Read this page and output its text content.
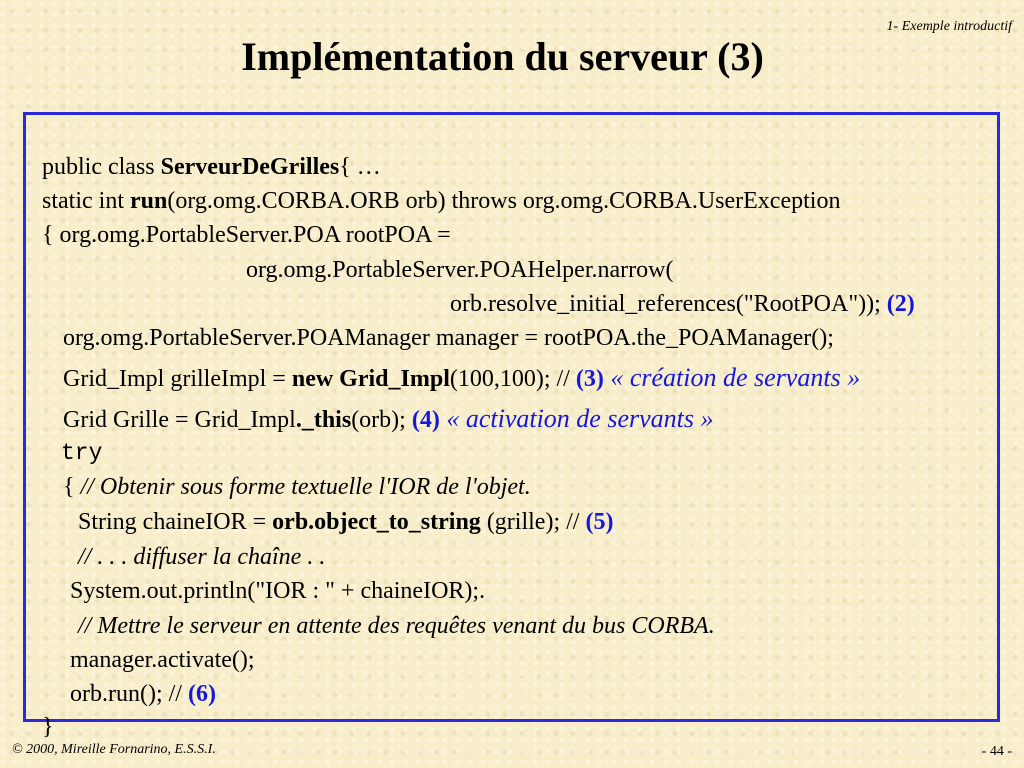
1- Exemple introductif
Implémentation du serveur (3)
public class ServeurDeGrilles{ …
static int run(org.omg.CORBA.ORB orb) throws org.omg.CORBA.UserException
{ org.omg.PortableServer.POA rootPOA =
org.omg.PortableServer.POAHelper.narrow(
orb.resolve_initial_references("RootPOA")); (2)
org.omg.PortableServer.POAManager manager = rootPOA.the_POAManager();
Grid_Impl grilleImpl = new Grid_Impl(100,100); // (3) « création de servants »
Grid Grille = Grid_Impl._this(orb); (4) « activation de servants »
try
{ // Obtenir sous forme textuelle l'IOR de l'objet.
String chaineIOR = orb.object_to_string (grille); // (5)
// . . . diffuser la chaîne . .
System.out.println("IOR : " + chaineIOR);.
// Mettre le serveur en attente des requêtes venant du bus CORBA.
manager.activate();
orb.run(); // (6)
}
© 2000, Mireille Fornarino, E.S.S.I.	- 44 -
